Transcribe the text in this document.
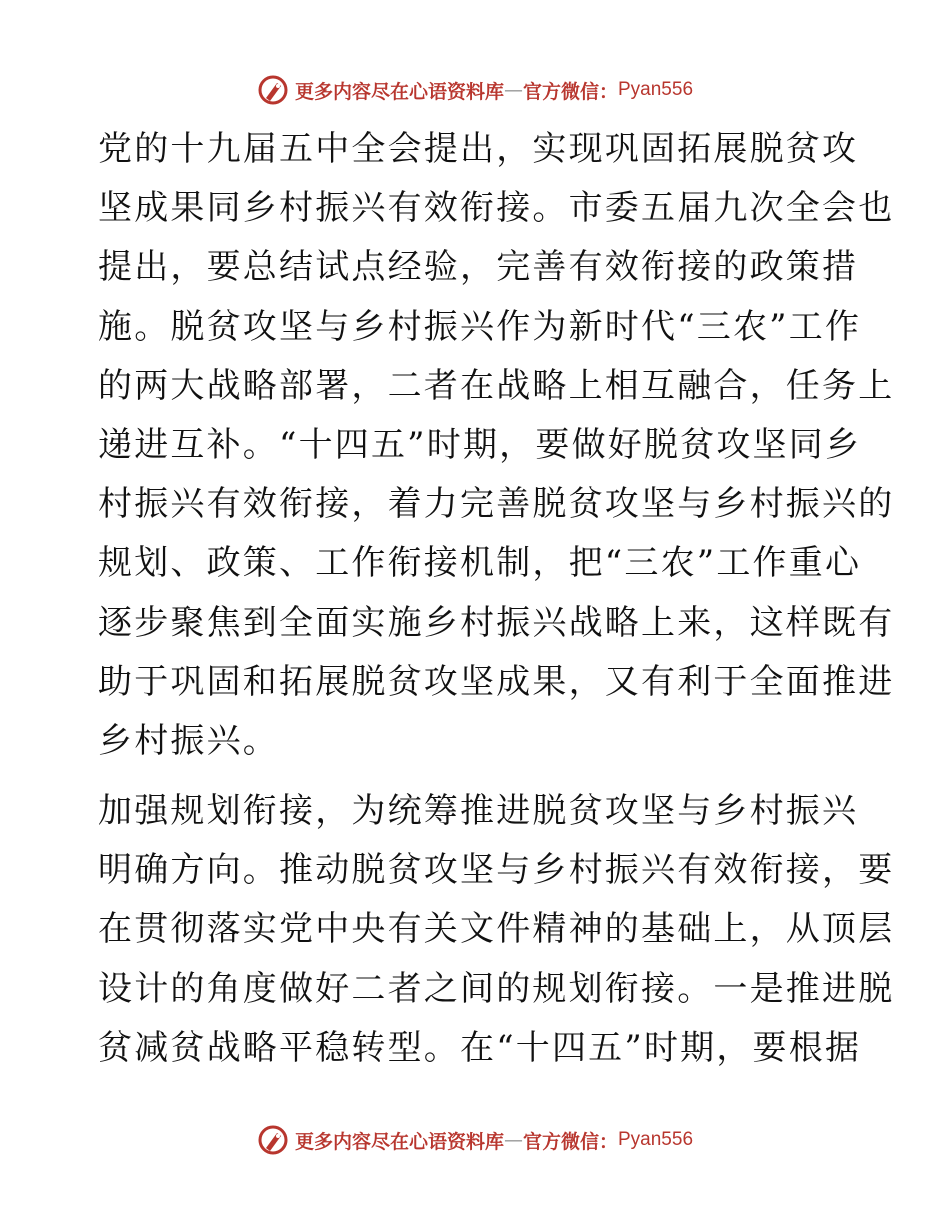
更多内容尽在心语资料库 — 官方微信： Pyan556

党的十九届五中全会提出，实现巩固拓展脱贫攻
坚成果同乡村振兴有效衔接。市委五届九次全会也
提出，要总结试点经验，完善有效衔接的政策措
施。脱贫攻坚与乡村振兴作为新时代“三农”工作
的两大战略部署，二者在战略上相互融合，任务上
递进互补。“十四五”时期，要做好脱贫攻坚同乡
村振兴有效衔接，着力完善脱贫攻坚与乡村振兴的
规划、政策、工作衔接机制，把“三农”工作重心
逐步聚焦到全面实施乡村振兴战略上来，这样既有
助于巩固和拓展脱贫攻坚成果，又有利于全面推进
乡村振兴。

加强规划衔接，为统筹推进脱贫攻坚与乡村振兴
明确方向。推动脱贫攻坚与乡村振兴有效衔接，要
在贯彻落实党中央有关文件精神的基础上，从顶层
设计的角度做好二者之间的规划衔接。一是推进脱
贫减贫战略平稳转型。在“十四五”时期，要根据

更多内容尽在心语资料库 — 官方微信： Pyan556
